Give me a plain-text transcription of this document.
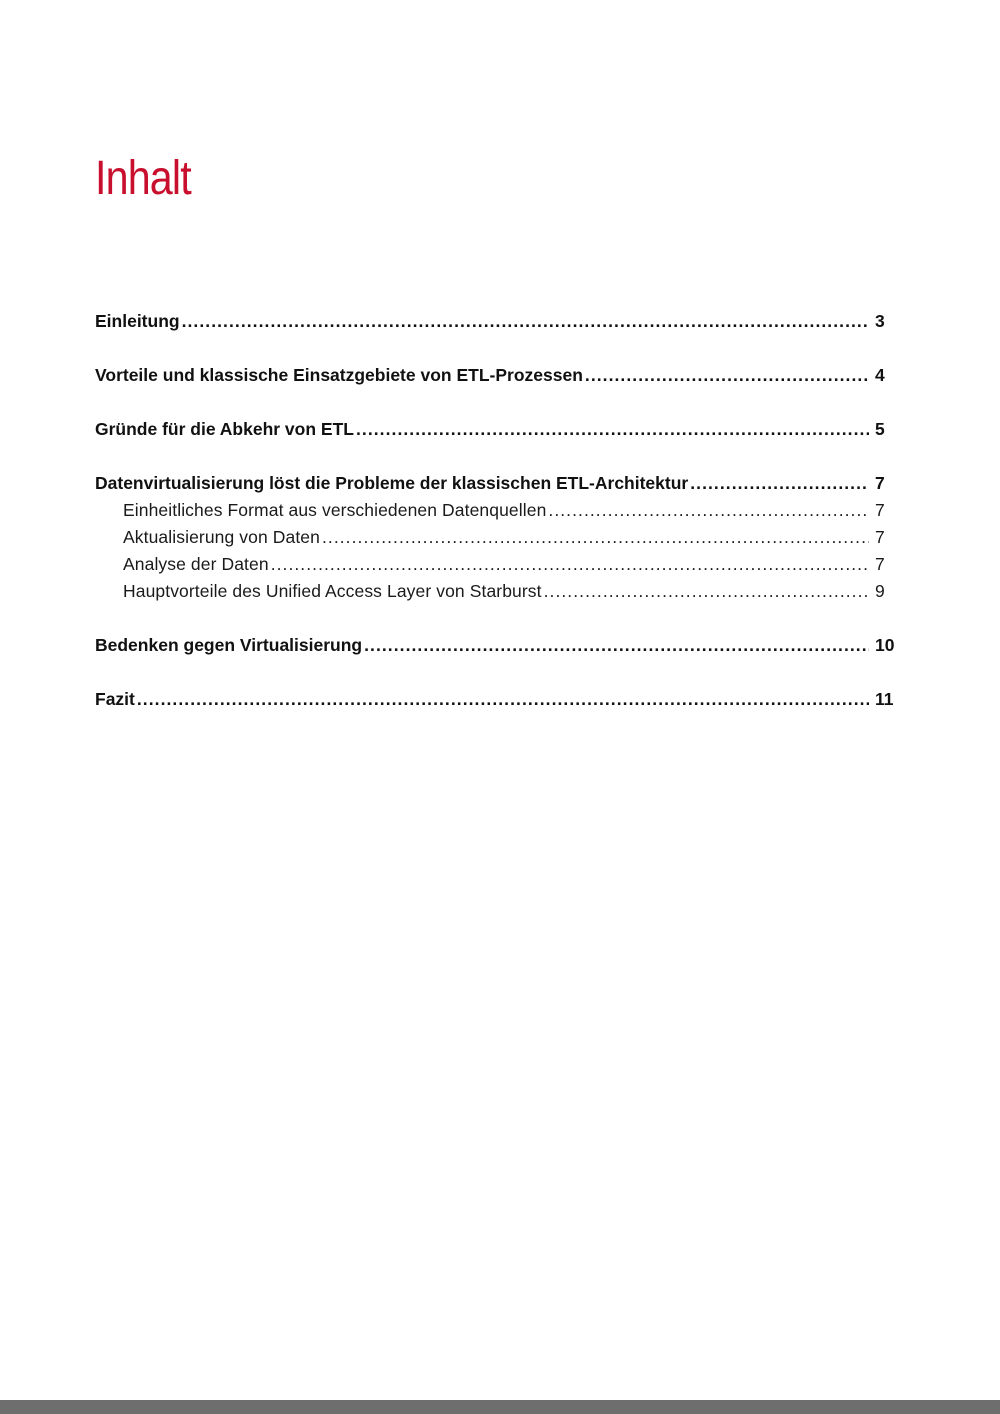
Inhalt
Einleitung . . .	3
Vorteile und klassische Einsatzgebiete von ETL-Prozessen . . .	4
Gründe für die Abkehr von ETL . . .	5
Datenvirtualisierung löst die Probleme der klassischen ETL-Architektur . . .	7
Einheitliches Format aus verschiedenen Datenquellen . . .	7
Aktualisierung von Daten . . .	7
Analyse der Daten . . .	7
Hauptvorteile des Unified Access Layer von Starburst . . .	9
Bedenken gegen Virtualisierung . . .	10
Fazit . . .	11
